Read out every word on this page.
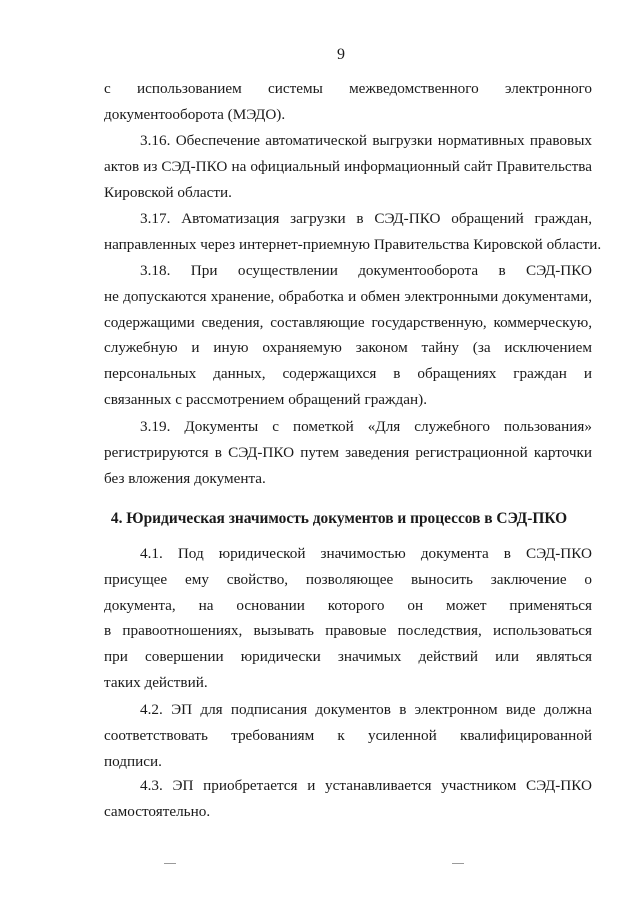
9
с использованием системы межведомственного электронного
документооборота (МЭДО).
3.16. Обеспечение автоматической выгрузки нормативных правовых
актов из СЭД-ПКО на официальный информационный сайт Правительства
Кировской области.
3.17. Автоматизация загрузки в СЭД-ПКО обращений граждан,
направленных через интернет-приемную Правительства Кировской области.
3.18. При осуществлении документооборота в СЭД-ПКО
не допускаются хранение, обработка и обмен электронными документами,
содержащими сведения, составляющие государственную, коммерческую,
служебную и иную охраняемую законом тайну (за исключением
персональных данных, содержащихся в обращениях граждан и
связанных с рассмотрением обращений граждан).
3.19. Документы с пометкой «Для служебного пользования»
регистрируются в СЭД-ПКО путем заведения регистрационной карточки
без вложения документа.
4. Юридическая значимость документов и процессов в СЭД-ПКО
4.1. Под юридической значимостью документа в СЭД-ПКО
присущее ему свойство, позволяющее выносить заключение о
документа, на основании которого он может применяться
в правоотношениях, вызывать правовые последствия, использоваться
при совершении юридически значимых действий или являться
таких действий.
4.2. ЭП для подписания документов в электронном виде должна
соответствовать требованиям к усиленной квалифицированной
подписи.
4.3. ЭП приобретается и устанавливается участником СЭД-ПКО
самостоятельно.
